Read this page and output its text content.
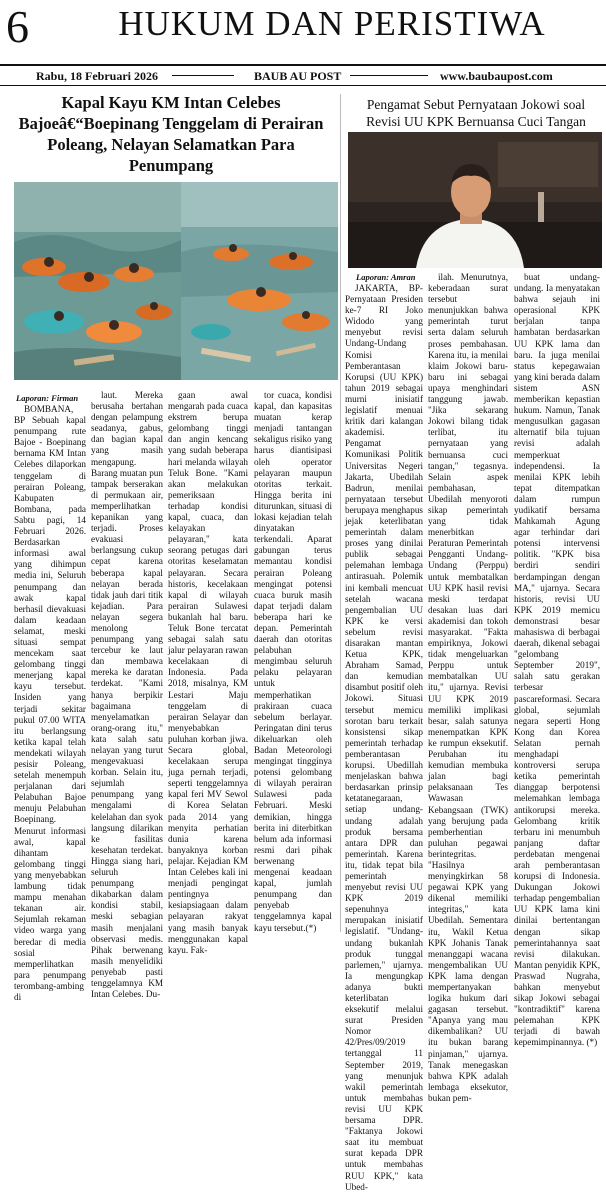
6	HUKUM DAN PERISTIWA
Rabu, 18 Februari 2026	BAUB AU POST	www.baubaupost.com
Kapal Kayu KM Intan Celebes Bajoeâ€“Boepinang Tenggelam di Perairan Poleang, Nelayan Selamatkan Para Penumpang
Laporan: Firman

BOMBANA, BP Sebuah kapal penumpang rute Bajoe - Boepinang bernama KM Intan Celebes dilaporkan tenggelam di perairan Poleang, Kabupaten Bombana, pada Sabtu pagi, 14 Februari 2026. Berdasarkan informasi awal yang dihimpun media ini, Seluruh penumpang dan awak kapal berhasil dievakuasi dalam keadaan selamat, meski situasi sempat mencekam saat gelombang tinggi menerjang kapal kayu tersebut. Insiden yang terjadi sekitar pukul 07.00 WITA itu berlangsung ketika kapal telah mendekati wilayah pesisir Poleang, setelah menempuh perjalanan dari Pelabuhan Bajoe menuju Pelabuhan Boepinang. Menurut informasi awal, kapal dihantam gelombang tinggi yang menyebabkan lambung tidak mampu menahan tekanan air. Sejumlah rekaman video warga yang beredar di media sosial memperlihatkan para penumpang terombang-ambing di

laut. Mereka berusaha bertahan dengan pelampung seadanya, gabus, dan bagian kapal yang masih mengapung. Barang muatan pun tampak berserakan di permukaan air, memperlihatkan kepanikan yang terjadi. Proses evakuasi berlangsung cukup cepat karena beberapa kapal nelayan berada tidak jauh dari titik kejadian. Para nelayan segera menolong penumpang yang tercebur ke laut dan membawa mereka ke daratan terdekat. "Kami hanya berpikir bagaimana menyelamatkan orang-orang itu," kata salah satu nelayan yang turut mengevakuasi korban. Selain itu, sejumlah penumpang yang mengalami kelelahan dan syok langsung dilarikan ke fasilitas kesehatan terdekat. Hingga siang hari, seluruh penumpang dikabarkan dalam kondisi stabil, meski sebagian masih menjalani observasi medis. Pihak berwenang masih menyelidiki penyebab pasti tenggelamnya KM Intan Celebes. Du-

gaan awal mengarah pada cuaca ekstrem berupa gelombang tinggi dan angin kencang yang sudah beberapa hari melanda wilayah Teluk Bone. "Kami akan melakukan pemeriksaan terhadap kondisi kapal, cuaca, dan kelayakan pelayaran," kata seorang petugas dari otoritas keselamatan pelayaran. Secara historis, kecelakaan kapal di wilayah perairan Sulawesi bukanlah hal baru. Teluk Bone tercatat sebagai salah satu jalur pelayaran rawan kecelakaan di Indonesia. Pada 2018, misalnya, KM Lestari Maju tenggelam di perairan Selayar dan menyebabkan puluhan korban jiwa. Secara global, kecelakaan serupa juga pernah terjadi, seperti tenggelamnya kapal feri MV Sewol di Korea Selatan pada 2014 yang menyita perhatian dunia karena banyaknya korban pelajar. Kejadian KM Intan Celebes kali ini menjadi pengingat pentingnya kesiapsiagaan dalam pelayaran rakyat yang masih banyak menggunakan kapal kayu. Fak-

tor cuaca, kondisi kapal, dan kapasitas muatan kerap menjadi tantangan sekaligus risiko yang harus diantisipasi oleh operator pelayaran maupun otoritas terkait. Hingga berita ini diturunkan, situasi di lokasi kejadian telah dinyatakan terkendali. Aparat gabungan terus memantau kondisi perairan Poleang mengingat potensi cuaca buruk masih dapat terjadi dalam beberapa hari ke depan. Pemerintah daerah dan otoritas pelabuhan mengimbau seluruh pelaku pelayaran untuk memperhatikan prakiraan cuaca sebelum berlayar. Peringatan dini terus dikeluarkan oleh Badan Meteorologi mengingat tingginya potensi gelombang di wilayah perairan Sulawesi pada Februari. Meski demikian, hingga berita ini diterbitkan belum ada informasi resmi dari pihak berwenang mengenai keadaan kapal, jumlah penumpang dan penyebab tenggelamnya kapal kayu tersebut.(*)

Pengamat Sebut Pernyataan Jokowi soal Revisi UU KPK Bernuansa Cuci Tangan
Laporan: Amran

JAKARTA, BP-Pernyataan Presiden ke-7 RI Joko Widodo yang menyebut revisi Undang-Undang Komisi Pemberantasan Korupsi (UU KPK) tahun 2019 sebagai murni inisiatif legislatif menuai kritik dari kalangan akademisi. Pengamat Komunikasi Politik Universitas Negeri Jakarta, Ubedilah Badrun, menilai pernyataan tersebut berupaya menghapus jejak keterlibatan pemerintah dalam proses yang dinilai publik sebagai pelemahan lembaga antirasuah. Polemik ini kembali mencuat setelah wacana pengembalian UU KPK ke versi sebelum revisi disarakan mantan Ketua KPK, Abraham Samad, dan kemudian disambut positif oleh Jokowi. Situasi tersebut memicu sorotan baru terkait konsistensi sikap pemerintah terhadap pemberantasan korupsi. Ubedillah menjelaskan bahwa berdasarkan prinsip ketatanegaraan, setiap undang-undang adalah produk bersama antara DPR dan pemerintah. Karena itu, tidak tepat bila pemerintah menyebut revisi UU KPK 2019 sepenuhnya merupakan inisiatif legislatif. "Undang-undang bukanlah produk tunggal parlemen," ujarnya. Ia mengungkap adanya bukti keterlibatan eksekutif melalui surat Presiden Nomor 42/Pres/09/2019 tertanggal 11 September 2019, yang menunjuk wakil pemerintah untuk membahas revisi UU KPK bersama DPR. "Faktanya Jokowi saat itu membuat surat kepada DPR untuk membahas RUU KPK," kata Ubed-

ilah. Menurutnya, keberadaan surat tersebut menunjukkan bahwa pemerintah turut serta dalam seluruh proses pembahasan. Karena itu, ia menilai klaim Jokowi baru-baru ini sebagai upaya menghindari tanggung jawab. "Jika sekarang Jokowi bilang tidak terlibat, itu pernyataan yang bernuansa cuci tangan," tegasnya. Selain aspek pembahasan, Ubedilah menyoroti sikap pemerintah yang tidak menerbitkan Peraturan Pemerintah Pengganti Undang-Undang (Perppu) untuk membatalkan UU KPK hasil revisi meski terdapat desakan luas dari akademisi dan tokoh masyarakat. "Fakta empiriknya, Jokowi tidak mengeluarkan Perppu untuk membatalkan UU itu," ujarnya. Revisi UU KPK 2019 memiliki implikasi besar, salah satunya menempatkan KPK ke rumpun eksekutif. Perubahan itu kemudian membuka jalan bagi pelaksanaan Tes Wawasan Kebangsaan (TWK) yang berujung pada pemberhentian puluhan pegawai berintegritas. "Hasilnya menyingkirkan 58 pegawai KPK yang dikenal memiliki integritas," kata Ubedilah. Sementara itu, Wakil Ketua KPK Johanis Tanak menanggapi wacana mengembalikan UU KPK lama dengan mempertanyakan logika hukum dari gagasan tersebut. "Apanya yang mau dikembalikan? UU itu bukan barang pinjaman," ujarnya. Tanak menegaskan bahwa KPK adalah lembaga eksekutor, bukan pem-

buat undang-undang. Ia menyatakan bahwa sejauh ini operasional KPK berjalan tanpa hambatan berdasarkan UU KPK lama dan baru. Ia juga menilai status kepegawaian yang kini berada dalam sistem ASN memberikan kepastian hukum. Namun, Tanak mengusulkan gagasan alternatif bila tujuan revisi adalah memperkuat independensi. Ia menilai KPK lebih tepat ditempatkan dalam rumpun yudikatif bersama Mahkamah Agung agar terhindar dari potensi intervensi politik. "KPK bisa berdiri sendiri berdampingan dengan MA," ujarnya. Secara historis, revisi UU KPK 2019 memicu demonstrasi besar mahasiswa di berbagai daerah, dikenal sebagai "gelombang September 2019", salah satu gerakan terbesar pascareformasi. Secara global, sejumlah negara seperti Hong Kong dan Korea Selatan pernah menghadapi kontroversi serupa ketika pemerintah dianggap berpotensi melemahkan lembaga antikorupsi mereka. Gelombang kritik terbaru ini menumbuh panjang daftar perdebatan mengenai arah pemberantasan korupsi di Indonesia. Dukungan Jokowi terhadap pengembalian UU KPK lama kini dinilai bertentangan dengan sikap pemerintahannya saat revisi dilakukan. Mantan penyidik KPK, Praswad Nugraha, bahkan menyebut sikap Jokowi sebagai "kontradiktif" karena pelemahan KPK terjadi di bawah kepemimpinannya. (*)
